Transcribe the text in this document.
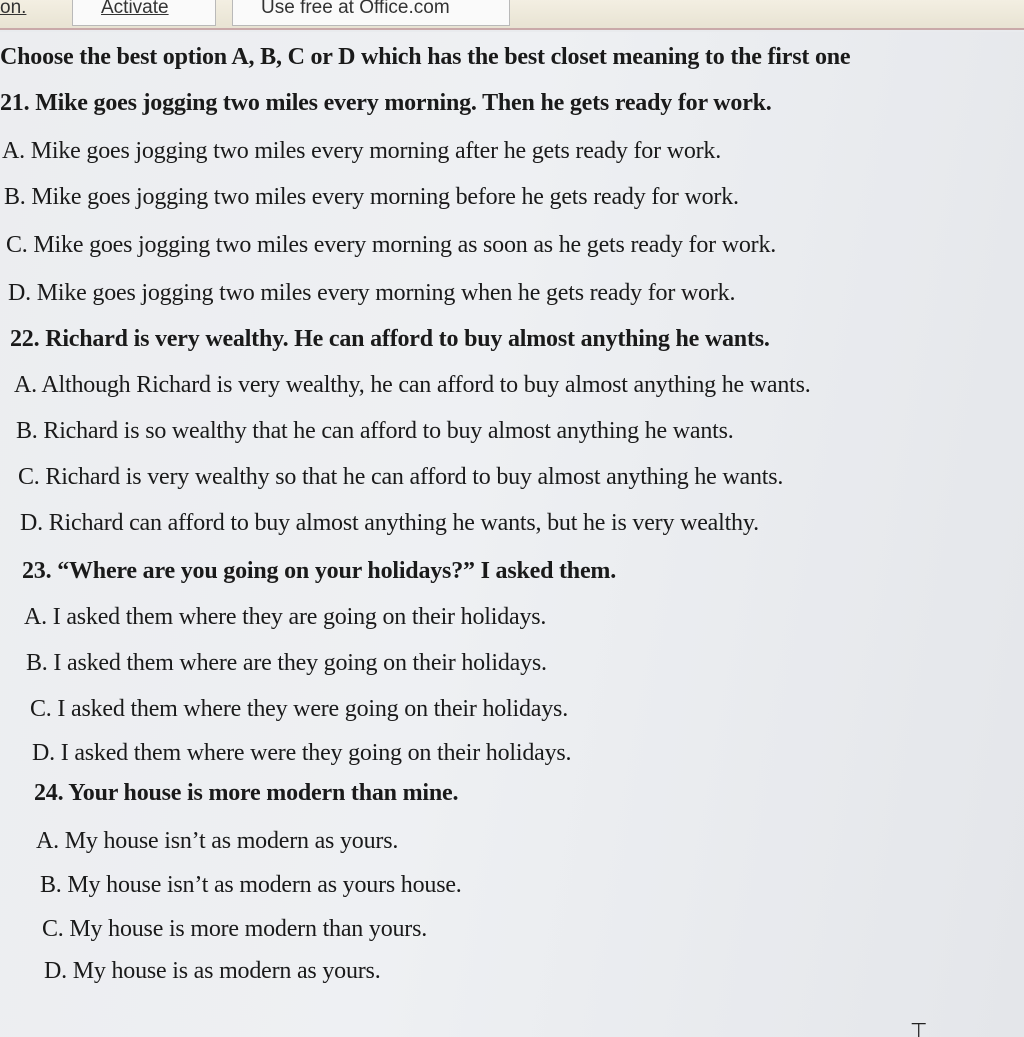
on.	Activate	Use free at Office.com
Choose the best option A, B, C or D which has the best closet meaning to the first one
21. Mike goes jogging two miles every morning. Then he gets ready for work.
A. Mike goes jogging two miles every morning after he gets ready for work.
B. Mike goes jogging two miles every morning before he gets ready for work.
C. Mike goes jogging two miles every morning as soon as he gets ready for work.
D. Mike goes jogging two miles every morning when he gets ready for work.
22. Richard is very wealthy. He can afford to buy almost anything he wants.
A. Although Richard is very wealthy, he can afford to buy almost anything he wants.
B. Richard is so wealthy that he can afford to buy almost anything he wants.
C. Richard is very wealthy so that he can afford to buy almost anything he wants.
D. Richard can afford to buy almost anything he wants, but he is very wealthy.
23. “Where are you going on your holidays?” I asked them.
A. I asked them where they are going on their holidays.
B. I asked them where are they going on their holidays.
C. I asked them where they were going on their holidays.
D. I asked them where were they going on their holidays.
24. Your house is more modern than mine.
A. My house isn’t as modern as yours.
B. My house isn’t as modern as yours house.
C. My house is more modern than yours.
D. My house is as modern as yours.
⊤
